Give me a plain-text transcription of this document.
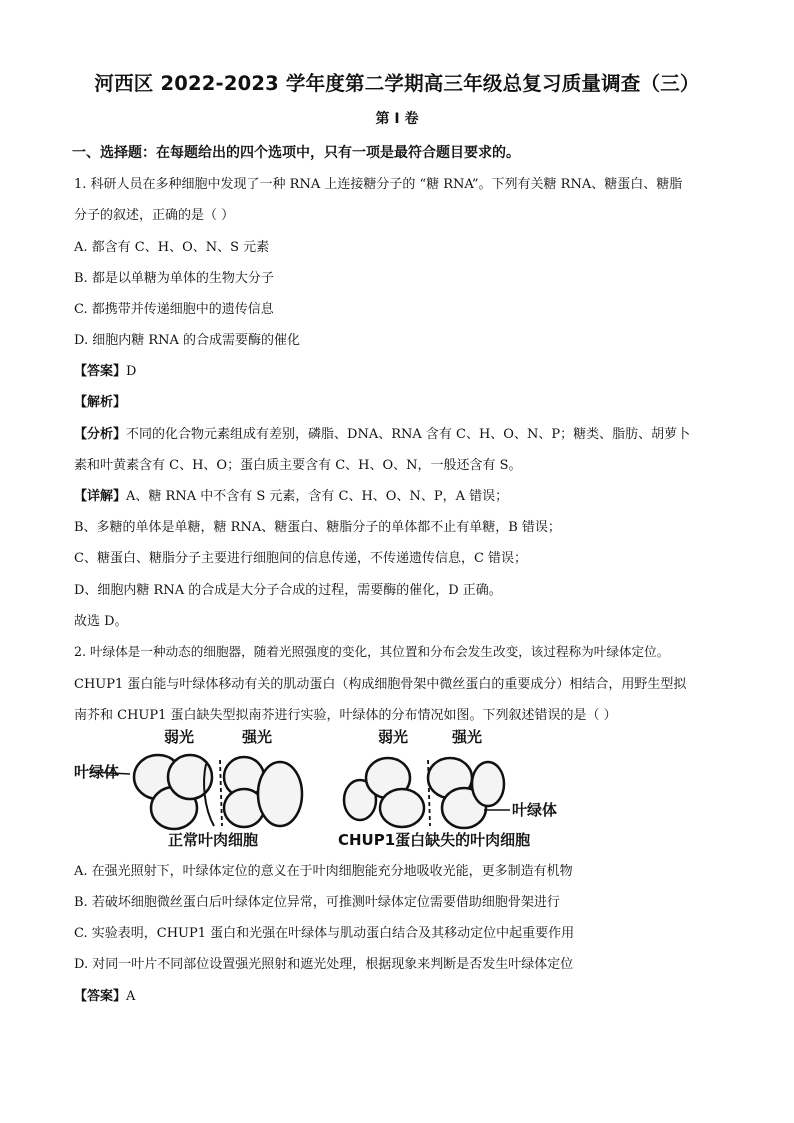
河西区 2022-2023 学年度第二学期高三年级总复习质量调查（三）
第 I 卷
一、选择题：在每题给出的四个选项中，只有一项是最符合题目要求的。
1. 科研人员在多种细胞中发现了一种 RNA 上连接糖分子的 “糖 RNA”。下列有关糖 RNA、糖蛋白、糖脂
分子的叙述，正确的是（ ）
A. 都含有 C、H、O、N、S 元素
B. 都是以单糖为单体的生物大分子
C. 都携带并传递细胞中的遗传信息
D. 细胞内糖 RNA 的合成需要酶的催化
【答案】D
【解析】
【分析】不同的化合物元素组成有差别，磷脂、DNA、RNA 含有 C、H、O、N、P；糖类、脂肪、胡萝卜
素和叶黄素含有 C、H、O；蛋白质主要含有 C、H、O、N，一般还含有 S。
【详解】A、糖 RNA 中不含有 S 元素，含有 C、H、O、N、P，A 错误；
B、多糖的单体是单糖，糖 RNA、糖蛋白、糖脂分子的单体都不止有单糖，B 错误；
C、糖蛋白、糖脂分子主要进行细胞间的信息传递，不传递遗传信息，C 错误；
D、细胞内糖 RNA 的合成是大分子合成的过程，需要酶的催化，D 正确。
故选 D。
2. 叶绿体是一种动态的细胞器，随着光照强度的变化，其位置和分布会发生改变，该过程称为叶绿体定位。
CHUP1 蛋白能与叶绿体移动有关的肌动蛋白（构成细胞骨架中微丝蛋白的重要成分）相结合，用野生型拟
南芥和 CHUP1 蛋白缺失型拟南芥进行实验，叶绿体的分布情况如图。下列叙述错误的是（ ）
弱光	强光	弱光	强光
叶绿体
叶绿体
正常叶肉细胞	CHUP1蛋白缺失的叶肉细胞
A. 在强光照射下，叶绿体定位的意义在于叶肉细胞能充分地吸收光能，更多制造有机物
B. 若破坏细胞微丝蛋白后叶绿体定位异常，可推测叶绿体定位需要借助细胞骨架进行
C. 实验表明，CHUP1 蛋白和光强在叶绿体与肌动蛋白结合及其移动定位中起重要作用
D. 对同一叶片不同部位设置强光照射和遮光处理，根据现象来判断是否发生叶绿体定位
【答案】A
